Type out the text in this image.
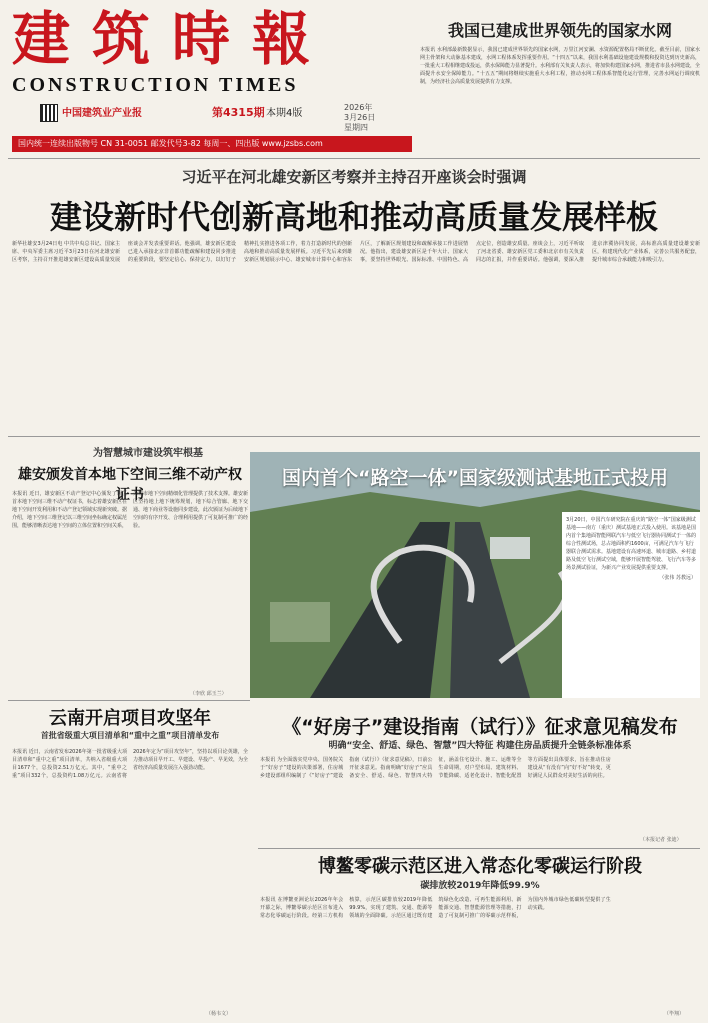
建筑時報
CONSTRUCTION TIMES
中国建筑业产业报	第4315期 本期4版
2026年
3月26日
星期四
国内统一连续出版物号 CN 31-0051 邮发代号3-82 每周一、四出版 www.jzsbs.com
我国已建成世界领先的国家水网
本报讯 水利部最新数据显示，我国已建成世界领先的国家水网，万里江河安澜、水资源配置格局不断优化。截至目前，国家水网主骨架和大动脉基本建成，水网工程体系发挥重要作用。“十四五”以来，我国水利基础设施建设规模和投资达到历史新高，一批重大工程相继建成投运，供水保障能力显著提升。水利部有关负责人表示，将加快构建国家水网，推进省市县水网建设，全面提升水安全保障能力。“十五五”期间将继续实施重大水利工程，推动水网工程体系智能化运行管理，完善水网运行调度机制，为经济社会高质量发展提供有力支撑。
习近平在河北雄安新区考察并主持召开座谈会时强调
建设新时代创新高地和推动高质量发展样板
新华社雄安3月24日电 中共中央总书记、国家主席、中央军委主席习近平3月23日在河北雄安新区考察，主持召开推进雄安新区建设高质量发展座谈会并发表重要讲话。他强调，雄安新区建设已进入承接北京非首都功能疏解和建设同步推进的重要阶段，要坚定信心、保持定力，以钉钉子精神扎实推进各项工作，着力打造新时代的创新高地和推动高质量发展样板。习近平先后来到雄安新区规划展示中心、雄安城市计算中心和容东片区，了解新区规划建设和疏解承接工作进展情况。他指出，建设雄安新区是千年大计、国家大事，要坚持世界眼光、国际标准、中国特色、高点定位，创造雄安质量。座谈会上，习近平听取了河北省委、雄安新区党工委和北京市有关负责同志的汇报，并作重要讲话。他强调，要深入推进京津冀协同发展，高标准高质量建设雄安新区，构建现代化产业体系，完善公共服务配套，提升城市综合承载能力和吸引力。
为智慧城市建设筑牢根基
雄安颁发首本地下空间三维不动产权证书
本报讯 近日，雄安新区不动产登记中心颁发了新区首本地下空间三维不动产权证书，标志着雄安新区在地下空间开发利用和不动产登记领域实现新突破。据介绍，地下空间三维登记以三维空间坐标确定权属范围，能够清晰表达地下空间的立体位置和空间关系，为城市地下空间精细化管理提供了技术支撑。雄安新区坚持地上地下统筹规划，地下综合管廊、地下交通、地下商业等设施同步建设，此次颁证为后续地下空间的有序开发、合理利用提供了可复制可推广的经验。
（李欣 邱玉兰）
国内首个“路空一体”国家级测试基地正式投用
3月20日，中国汽车研究院在重庆的“路空一体”国家级测试基地——南方（重庆）测试基地正式投入使用。该基地是国内首个集地面智能网联汽车与低空飞行器协同测试于一体的综合性测试场，总占地面积约1600亩，可满足汽车与飞行器联合测试需求。基地建设有高速环道、城市道路、乡村道路及低空飞行测试空域，能够开展智能驾驶、飞行汽车等多场景测试验证，为新兴产业发展提供重要支撑。
（张伟 苏教远）
《“好房子”建设指南（试行）》征求意见稿发布
明确“安全、舒适、绿色、智慧”四大特征 构建住房品质提升全链条标准体系
本报讯 为全面落实党中央、国务院关于“好房子”建设的决策部署，住房城乡建设部组织编制了《“好房子”建设指南（试行）》（征求意见稿），日前公开征求意见。指南明确“好房子”应具备安全、舒适、绿色、智慧四大特征，涵盖住宅设计、施工、运维等全生命周期，对户型布局、建筑材料、节能降碳、适老化设计、智能化配置等方面提出具体要求，旨在推动住房建设从“有没有”向“好不好”转变，更好满足人民群众对美好生活的向往。
（本报记者 张迪）
云南开启项目攻坚年
首批省级重大项目清单和“重中之重”项目清单发布
本报讯 近日，云南省发布2026年第一批省级重大项目清单和“重中之重”项目清单，共纳入省级重大项目1677个，总投资2.51万亿元。其中，“重中之重”项目332个，总投资约1.08万亿元。云南省将2026年定为“项目攻坚年”，坚持以项目论英雄，全力推动项目早开工、早建设、早投产、早见效，为全省经济高质量发展注入强劲动能。
（杨韦文）
博鳌零碳示范区进入常态化零碳运行阶段
碳排放较2019年降低99.9%
本报讯 在博鳌亚洲论坛2026年年会开幕之际，博鳌零碳示范区宣布进入常态化零碳运行阶段。经第三方机构核算，示范区碳排放较2019年降低99.9%，实现了建筑、交通、能源等领域的全面降碳。示范区通过既有建筑绿色化改造、可再生能源利用、新能源交通、智慧能源管理等措施，打造了可复制可推广的零碳示范样板，为国内外城市绿色低碳转型提供了生动实践。
（毕翔）
